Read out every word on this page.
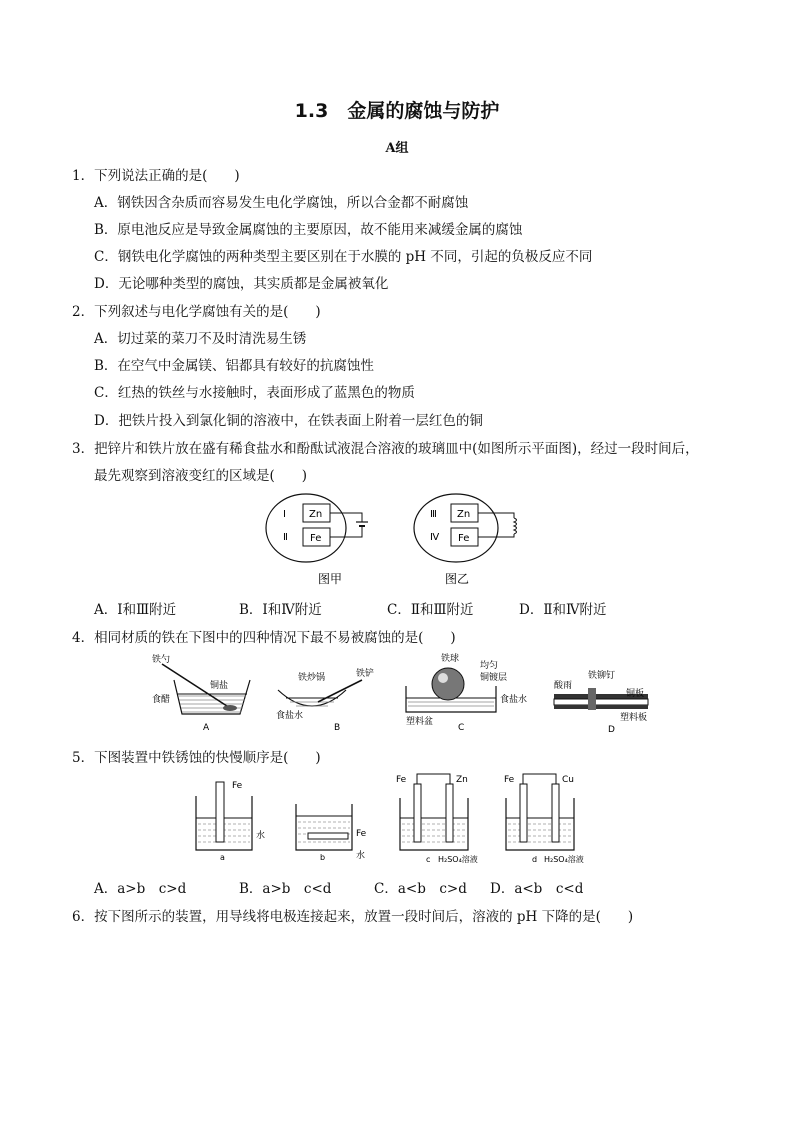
1.3　金属的腐蚀与防护
A组
1．下列说法正确的是(　　)
A．钢铁因含杂质而容易发生电化学腐蚀，所以合金都不耐腐蚀
B．原电池反应是导致金属腐蚀的主要原因，故不能用来减缓金属的腐蚀
C．钢铁电化学腐蚀的两种类型主要区别在于水膜的 pH 不同，引起的负极反应不同
D．无论哪种类型的腐蚀，其实质都是金属被氧化
2．下列叙述与电化学腐蚀有关的是(　　)
A．切过菜的菜刀不及时清洗易生锈
B．在空气中金属镁、铝都具有较好的抗腐蚀性
C．红热的铁丝与水接触时，表面形成了蓝黑色的物质
D．把铁片投入到氯化铜的溶液中，在铁表面上附着一层红色的铜
3．把锌片和铁片放在盛有稀食盐水和酚酞试液混合溶液的玻璃皿中(如图所示平面图)，经过一段时间后，
最先观察到溶液变红的区域是(　　)
Ⅰ
Ⅱ
Zn
Fe
图甲
Ⅲ
Ⅳ
Zn
Fe
图乙
A．Ⅰ和Ⅲ附近	B．Ⅰ和Ⅳ附近	C．Ⅱ和Ⅲ附近	D．Ⅱ和Ⅳ附近
4．相同材质的铁在下图中的四种情况下最不易被腐蚀的是(　　)
铁勺
铜盐
食醋
A
铁炒锅	铁铲
食盐水
B
铁球
均匀
铜镀层
食盐水
塑料盆
C
酸雨
铁铆钉
铜板
塑料板
D
5．下图装置中铁锈蚀的快慢顺序是(　　)
Fe
水
a
Fe
水
b
Fe	Zn
c H₂SO₄溶液
Fe	Cu
d H₂SO₄溶液
A．a>b　c>d	B．a>b　c<d	C．a<b　c>d D．a<b　c<d
6．按下图所示的装置，用导线将电极连接起来，放置一段时间后，溶液的 pH 下降的是(　　)
